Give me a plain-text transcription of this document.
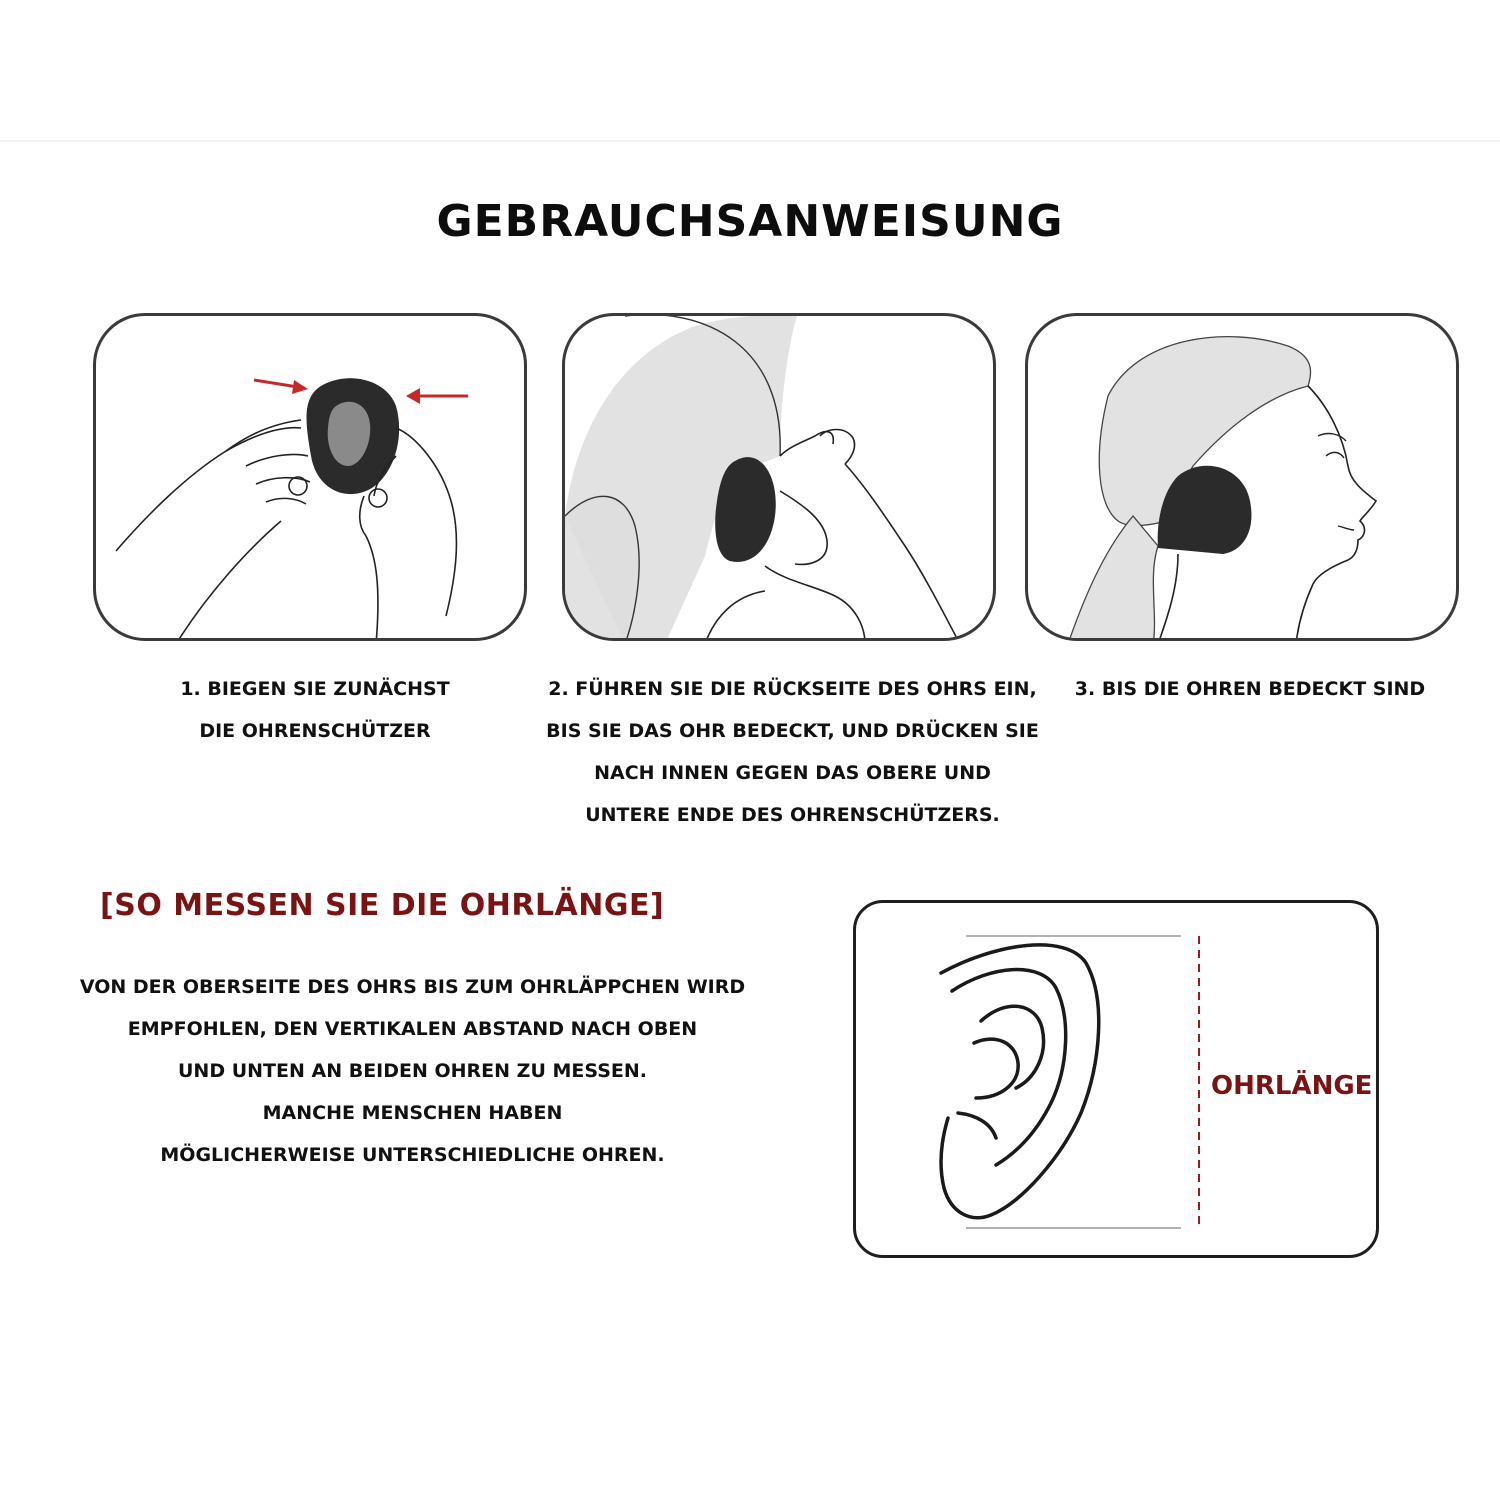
GEBRAUCHSANWEISUNG
1. BIEGEN SIE ZUNÄCHST
DIE OHRENSCHÜTZER
2. FÜHREN SIE DIE RÜCKSEITE DES OHRS EIN,
BIS SIE DAS OHR BEDECKT, UND DRÜCKEN SIE
NACH INNEN GEGEN DAS OBERE UND
UNTERE ENDE DES OHRENSCHÜTZERS.
3. BIS DIE OHREN BEDECKT SIND
[SO MESSEN SIE DIE OHRLÄNGE]
VON DER OBERSEITE DES OHRS BIS ZUM OHRLÄPPCHEN WIRD
EMPFOHLEN, DEN VERTIKALEN ABSTAND NACH OBEN
UND UNTEN AN BEIDEN OHREN ZU MESSEN.
MANCHE MENSCHEN HABEN
MÖGLICHERWEISE UNTERSCHIEDLICHE OHREN.
OHRLÄNGE
